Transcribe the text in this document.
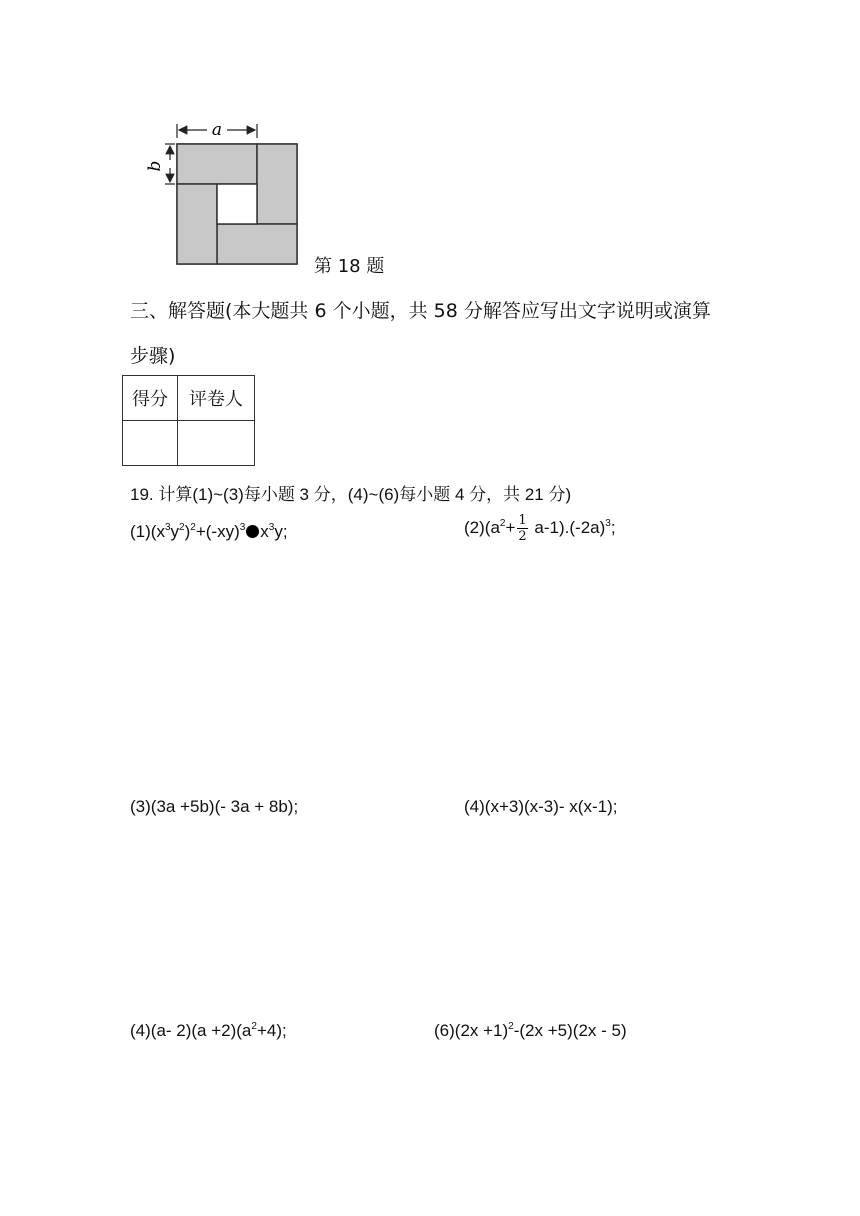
a
b
第 18 题
三、解答题(本大题共 6 个小题，共 58 分解答应写出文字说明或演算
步骤)
得分	评卷人

19. 计算(1)~(3)每小题 3 分，(4)~(6)每小题 4 分，共 21 分)
$(1)(x^3y^2)^2+(-xy)^3$ $x^3y$;	$(2)(a^2+ \frac{1}{2} a-1).(-2a)^3$;
(3)(3a +5b)(- 3a + 8b);	(4)(x+3)(x-3)- x(x-1);
(4)(a- $2)(a +2)(a^2+4)$;	$(6)(2x +1)^2-(2x +5)(2x - 5)$
